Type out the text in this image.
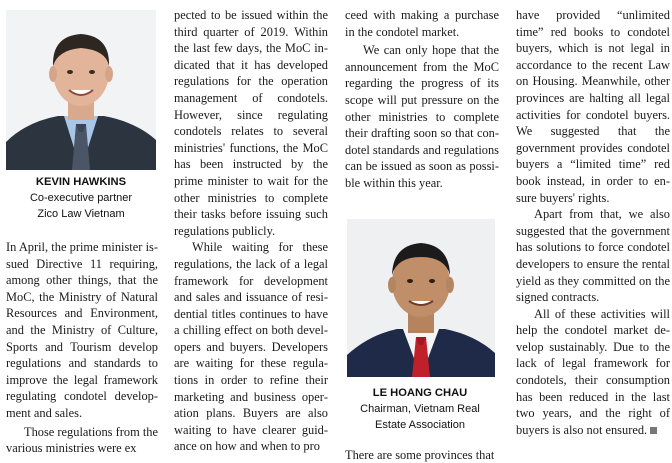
KEVIN HAWKINS
Co-executive partner
Zico Law Vietnam

In April, the prime minister issued Directive 11 requiring, among other things, that the MoC, the Ministry of Natural Resources and Environment, and the Ministry of Culture, Sports and Tourism develop regulations and standards to improve the legal framework regulating condotel development and sales.

Those regulations from the various ministries were ex

pected to be issued within the third quarter of 2019. Within the last few days, the MoC indicated that it has developed regulations for the operation management of condotels. However, since regulating condotels relates to several ministries' functions, the MoC has been instructed by the prime minister to wait for the other ministries to complete their tasks before issuing such regulations publicly.

While waiting for these regulations, the lack of a legal framework for development and sales and issuance of residential titles continues to have a chilling effect on both developers and buyers. Developers are waiting for these regulations in order to refine their marketing and business operation plans. Buyers are also waiting to have clearer guidance on how and when to pro

ceed with making a purchase in the condotel market.

We can only hope that the announcement from the MoC regarding the progress of its scope will put pressure on the other ministries to complete their drafting soon so that condotel standards and regulations can be issued as soon as possible within this year.

LE HOANG CHAU
Chairman, Vietnam Real
Estate Association

There are some provinces that

have provided “unlimited time” red books to condotel buyers, which is not legal in accordance to the recent Law on Housing. Meanwhile, other provinces are halting all legal activities for condotel buyers. We suggested that the government provides condotel buyers a “limited time” red book instead, in order to ensure buyers' rights.

Apart from that, we also suggested that the government has solutions to force condotel developers to ensure the rental yield as they committed on the signed contracts.

All of these activities will help the condotel market develop sustainably. Due to the lack of legal framework for condotels, their consumption has been reduced in the last two years, and the right of buyers is also not ensured.
